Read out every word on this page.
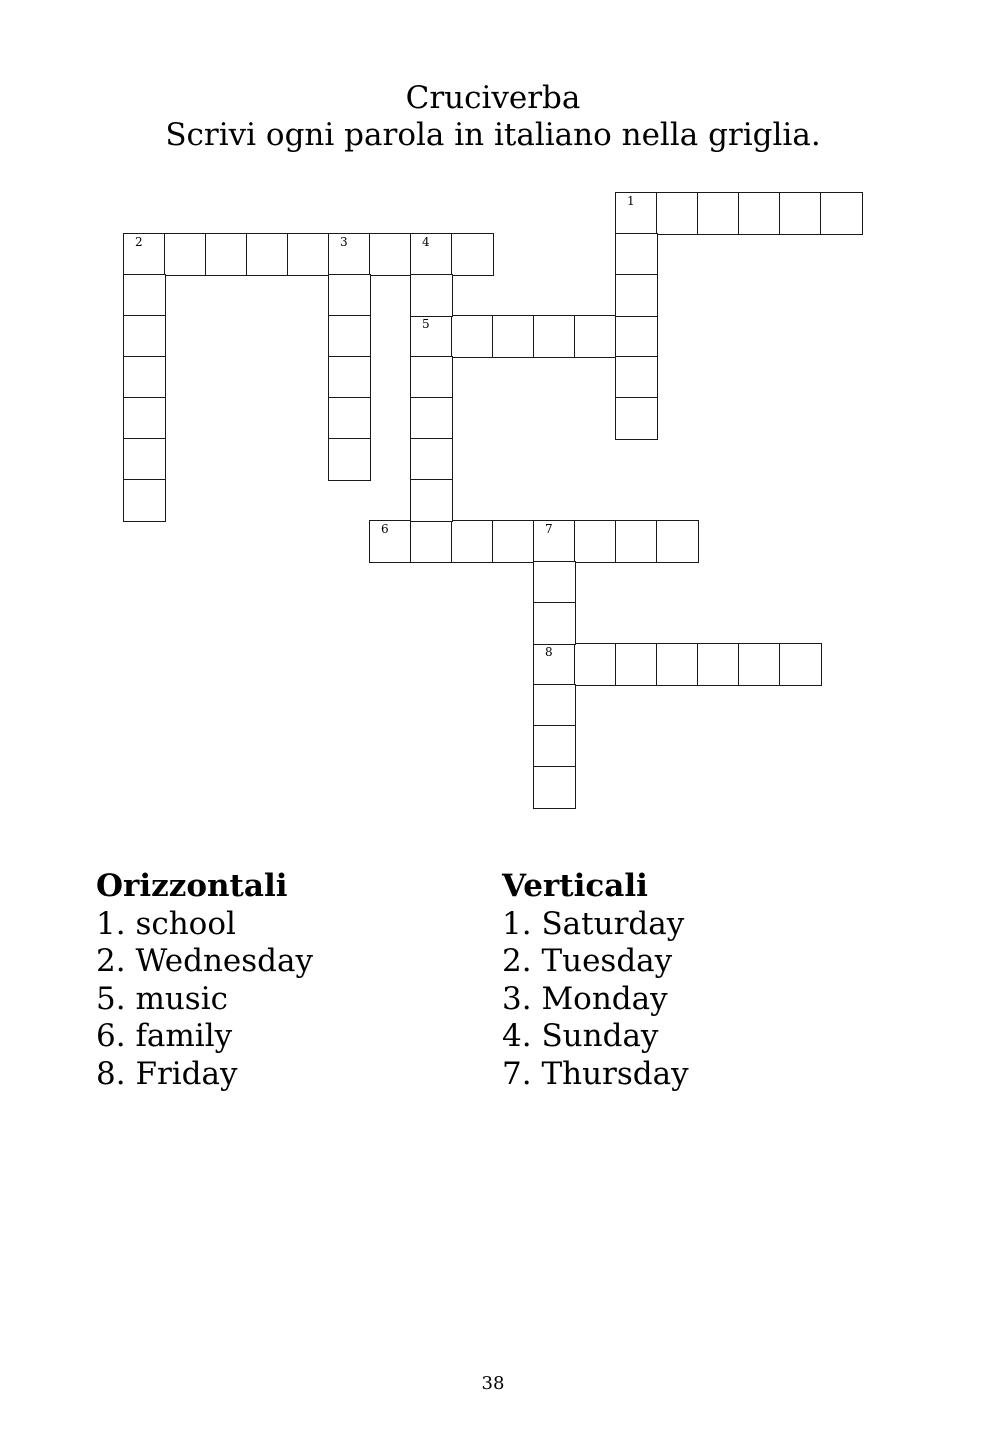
Cruciverba
Scrivi ogni parola in italiano nella griglia.
1
2	3	4
5
6	7
8
Orizzontali
1. school
2. Wednesday
5. music
6. family
8. Friday
Verticali
1. Saturday
2. Tuesday
3. Monday
4. Sunday
7. Thursday
38
